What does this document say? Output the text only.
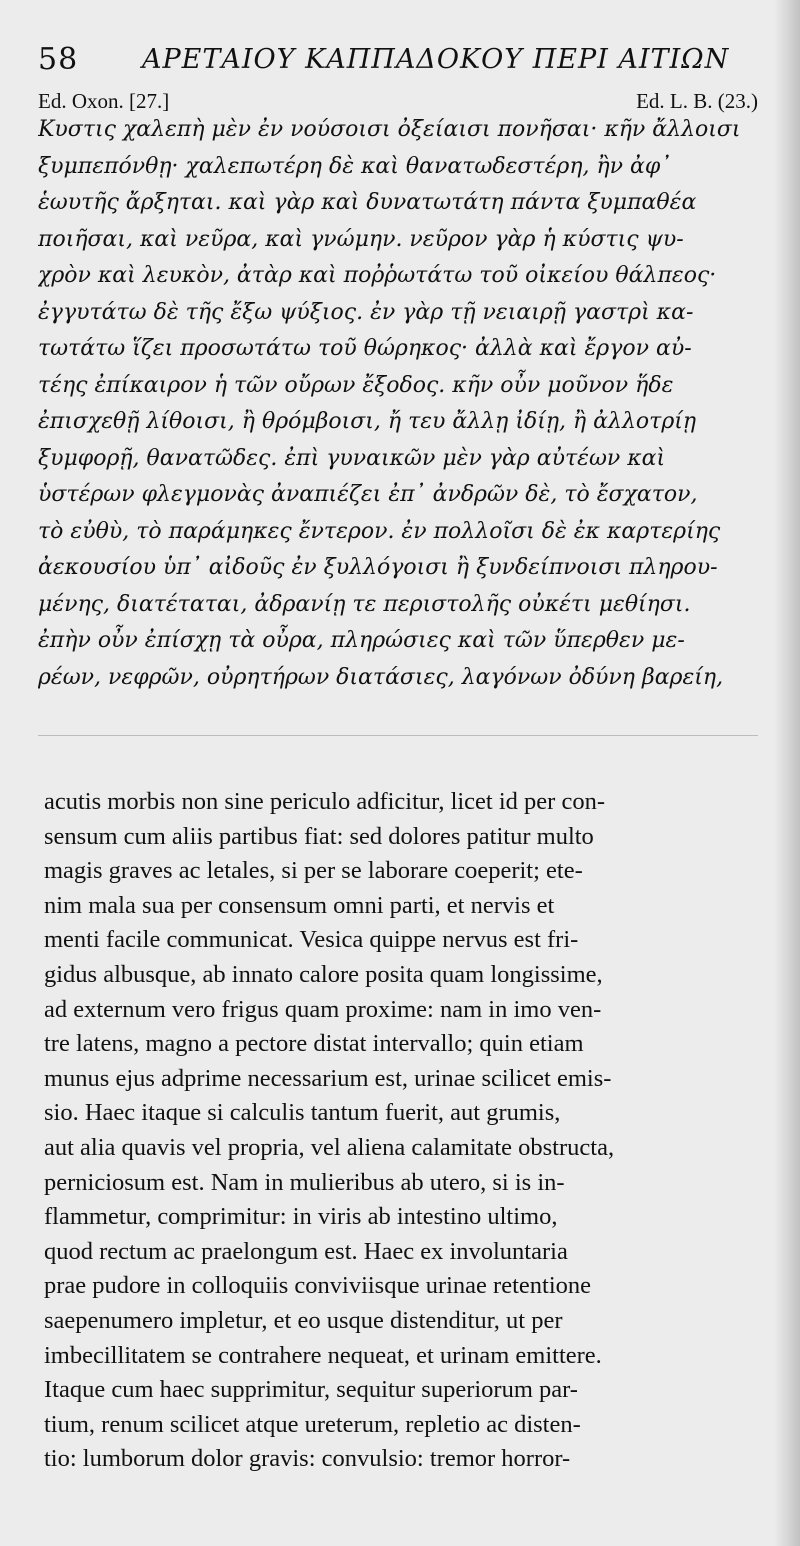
58 ΑΡΕΤΑΙΟΥ ΚΑΠΠΑΔΟΚΟΥ ΠΕΡΙ ΑΙΤΙΩΝ
Ed. Oxon. [27.]	Ed. L. B. (23.)
Κυστις χαλεπὴ μὲν ἐν νούσοισι ὀξείαισι πονῆσαι· κῆν ἄλλοισι
ξυμπεπόνθῃ· χαλεπωτέρη δὲ καὶ θανατωδεστέρη, ἢν ἀφ᾽
ἑωυτῆς ἄρξηται. καὶ γὰρ καὶ δυνατωτάτη πάντα ξυμπαθέα
ποιῆσαι, καὶ νεῦρα, καὶ γνώμην. νεῦρον γὰρ ἡ κύστις ψυ-
χρὸν καὶ λευκὸν, ἀτὰρ καὶ ποῤῥωτάτω τοῦ οἰκείου θάλπεος·
ἐγγυτάτω δὲ τῆς ἔξω ψύξιος. ἐν γὰρ τῇ νειαιρῇ γαστρὶ κα-
τωτάτω ἵζει προσωτάτω τοῦ θώρηκος· ἀλλὰ καὶ ἔργον αὐ-
τέης ἐπίκαιρον ἡ τῶν οὔρων ἔξοδος. κῆν οὖν μοῦνον ἥδε
ἐπισχεθῇ λίθοισι, ἢ θρόμβοισι, ἤ τευ ἄλλῃ ἰδίῃ, ἢ ἀλλοτρίῃ
ξυμφορῇ, θανατῶδες. ἐπὶ γυναικῶν μὲν γὰρ αὐτέων καὶ
ὑστέρων φλεγμονὰς ἀναπιέζει ἐπ᾽ ἀνδρῶν δὲ, τὸ ἔσχατον,
τὸ εὐθὺ, τὸ παράμηκες ἔντερον. ἐν πολλοῖσι δὲ ἐκ καρτερίης
ἀεκουσίου ὑπ᾽ αἰδοῦς ἐν ξυλλόγοισι ἢ ξυνδείπνοισι πληρου-
μένης, διατέταται, ἀδρανίῃ τε περιστολῆς οὐκέτι μεθίησι.
ἐπὴν οὖν ἐπίσχῃ τὰ οὖρα, πληρώσιες καὶ τῶν ὕπερθεν με-
ρέων, νεφρῶν, οὐρητήρων διατάσιες, λαγόνων ὀδύνη βαρείη,
acutis morbis non sine periculo adficitur, licet id per con-
sensum cum aliis partibus fiat: sed dolores patitur multo
magis graves ac letales, si per se laborare coeperit; ete-
nim mala sua per consensum omni parti, et nervis et
menti facile communicat. Vesica quippe nervus est fri-
gidus albusque, ab innato calore posita quam longissime,
ad externum vero frigus quam proxime: nam in imo ven-
tre latens, magno a pectore distat intervallo; quin etiam
munus ejus adprime necessarium est, urinae scilicet emis-
sio. Haec itaque si calculis tantum fuerit, aut grumis,
aut alia quavis vel propria, vel aliena calamitate obstructa,
perniciosum est. Nam in mulieribus ab utero, si is in-
flammetur, comprimitur: in viris ab intestino ultimo,
quod rectum ac praelongum est. Haec ex involuntaria
prae pudore in colloquiis conviviisque urinae retentione
saepenumero impletur, et eo usque distenditur, ut per
imbecillitatem se contrahere nequeat, et urinam emittere.
Itaque cum haec supprimitur, sequitur superiorum par-
tium, renum scilicet atque ureterum, repletio ac disten-
tio: lumborum dolor gravis: convulsio: tremor horror-
